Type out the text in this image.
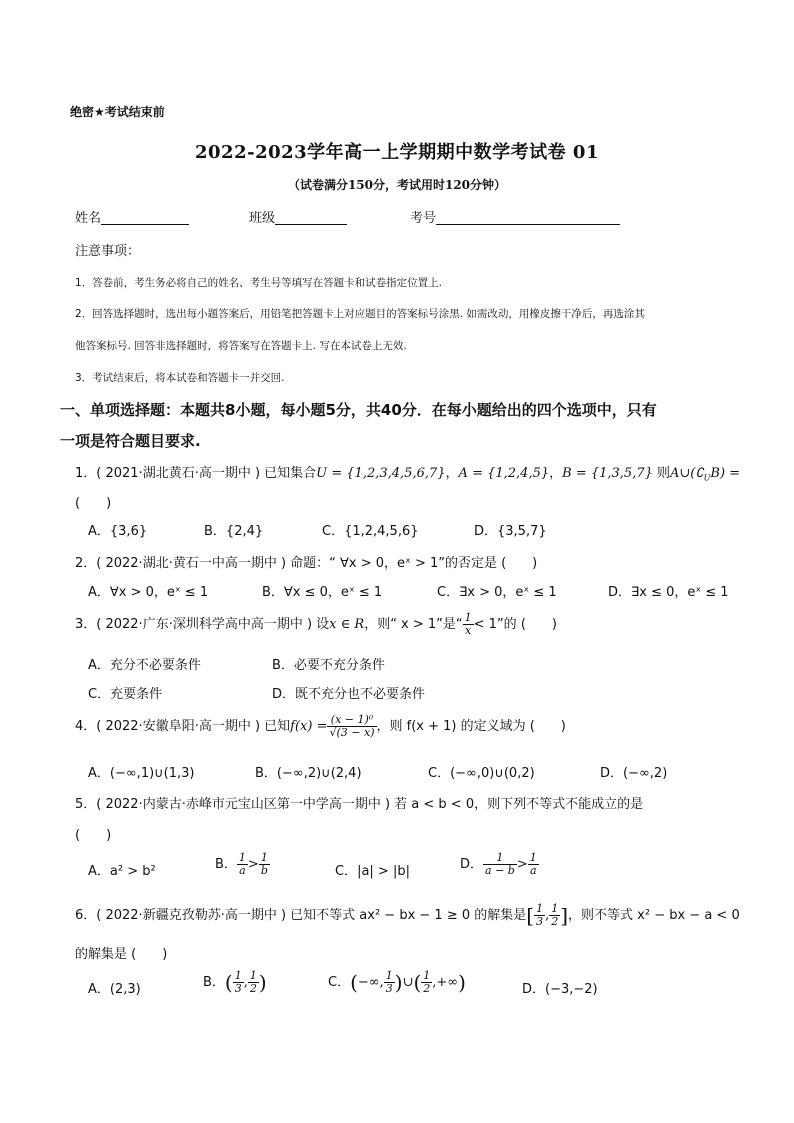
绝密★考试结束前
2022-2023学年高一上学期期中数学考试卷 01
（试卷满分150分，考试用时120分钟）
姓名	班级	考号
注意事项：
1．答卷前，考生务必将自己的姓名、考生号等填写在答题卡和试卷指定位置上.
2．回答选择题时，选出每小题答案后，用铅笔把答题卡上对应题目的答案标号涂黑. 如需改动，用橡皮擦干净后，再选涂其
他答案标号. 回答非选择题时，将答案写在答题卡上. 写在本试卷上无效.
3．考试结束后，将本试卷和答题卡一并交回.
一、单项选择题：本题共8小题，每小题5分，共40分．在每小题给出的四个选项中，只有
一项是符合题目要求.
1．( 2021·湖北黄石·高一期中 ) 已知集合U = {1,2,3,4,5,6,7}，A = {1,2,4,5}，B = {1,3,5,7} 则$A\cup(∁_UB)$ =
(　　)
A．{3,6}	B．{2,4}	C．{1,2,4,5,6}	D．{3,5,7}
2．( 2022·湖北·黄石一中高一期中 ) 命题：“ ∀x > 0，eˣ > 1”的否定是 (　　)
A．∀x > 0，eˣ ≤ 1	B．∀x ≤ 0，eˣ ≤ 1	C．∃x > 0，eˣ ≤ 1	D．∃x ≤ 0，eˣ ≤ 1
3．( 2022·广东·深圳科学高中高一期中 ) 设x ∈ R，则“ x > 1”是“ $\frac{1}{x} < 1$”的 (　　)
A．充分不必要条件	B．必要不充分条件
C．充要条件	D．既不充分也不必要条件
4．( 2022·安徽阜阳·高一期中 ) 已知$f(x) = \frac{\text{(x − 1)⁰}}{√(3 - x)}$ ，则 f(x + 1) 的定义域为 (　　)
A．(−∞,1)∪(1,3)	B．(−∞,2)∪(2,4)	C．(−∞,0)∪(0,2)	D．(−∞,2)
5．( 2022·内蒙古·赤峰市元宝山区第一中学高一期中 ) 若 a < b < 0，则下列不等式不能成立的是
(　　)
A．a² > b²	B． $\frac{1}{a} > \frac{1}{b}$	C．|a| > |b|	D． $\frac{1}{a - b} > \frac{1}{a}$
6．( 2022·新疆克孜勒苏·高一期中 ) 已知不等式 ax² − bx − 1 ≥ 0 的解集是[ $\frac{1}{3}$ , $\frac{1}{2}$ ]，则不等式 x² − bx − a < 0
的解集是 (　　)
A．(2,3)	B．( $\frac{1}{3}$ , $\frac{1}{2}$ )	C．(−∞, $\frac{1}{3}$ )∪( $\frac{1}{2}$ ,+∞)	D．(−3,−2)
